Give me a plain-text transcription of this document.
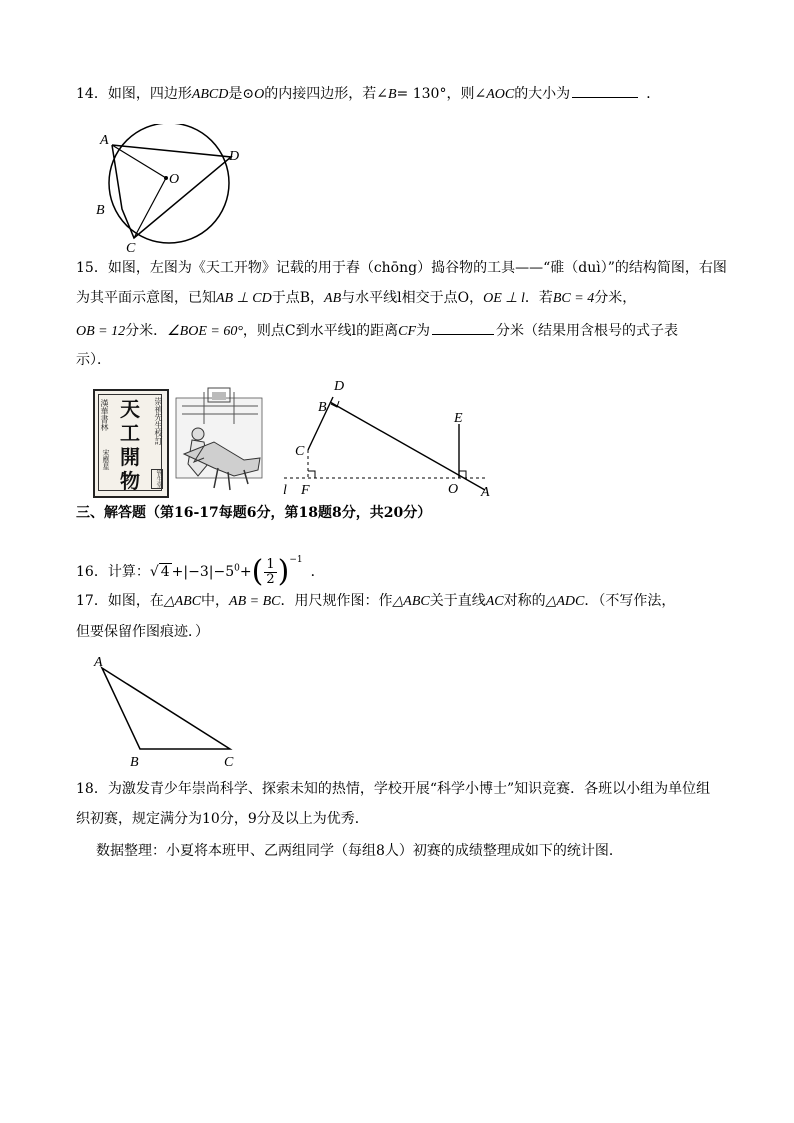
14．如图，四边形ABCD是⊙O的内接四边形，若∠B= 130°，则∠AOC的大小为	．
A
D
O
B
C
15．如图，左图为《天工开物》记载的用于舂（chōng）捣谷物的工具——“碓（duì）”的结构简图，右图
为其平面示意图，已知AB ⊥ CD于点B，AB与水平线l相交于点O，OE ⊥ l．若BC = 4分米，
OB = 12分米．∠BOE = 60°，则点C到水平线l的距离CF为	分米（结果用含根号的式子表
示）．
漢華書林 天工開物
崇禎先生校訂
宋應星
管生堂
D
B
C
E
l F	O A
三、解答题（第16-17每题6分，第18题8分，共20分）
16．计算：√ $4 +|-3|-5^0+( \frac{1}{2} )^{-1}$．
17．如图，在△ABC中，AB = BC．用尺规作图：作△ABC关于直线AC对称的△ADC．（不写作法，
但要保留作图痕迹．）
A
B	C
18．为激发青少年崇尚科学、探索未知的热情，学校开展“科学小博士”知识竞赛．各班以小组为单位组
织初赛，规定满分为10分，9分及以上为优秀．
数据整理：小夏将本班甲、乙两组同学（每组8人）初赛的成绩整理成如下的统计图．
